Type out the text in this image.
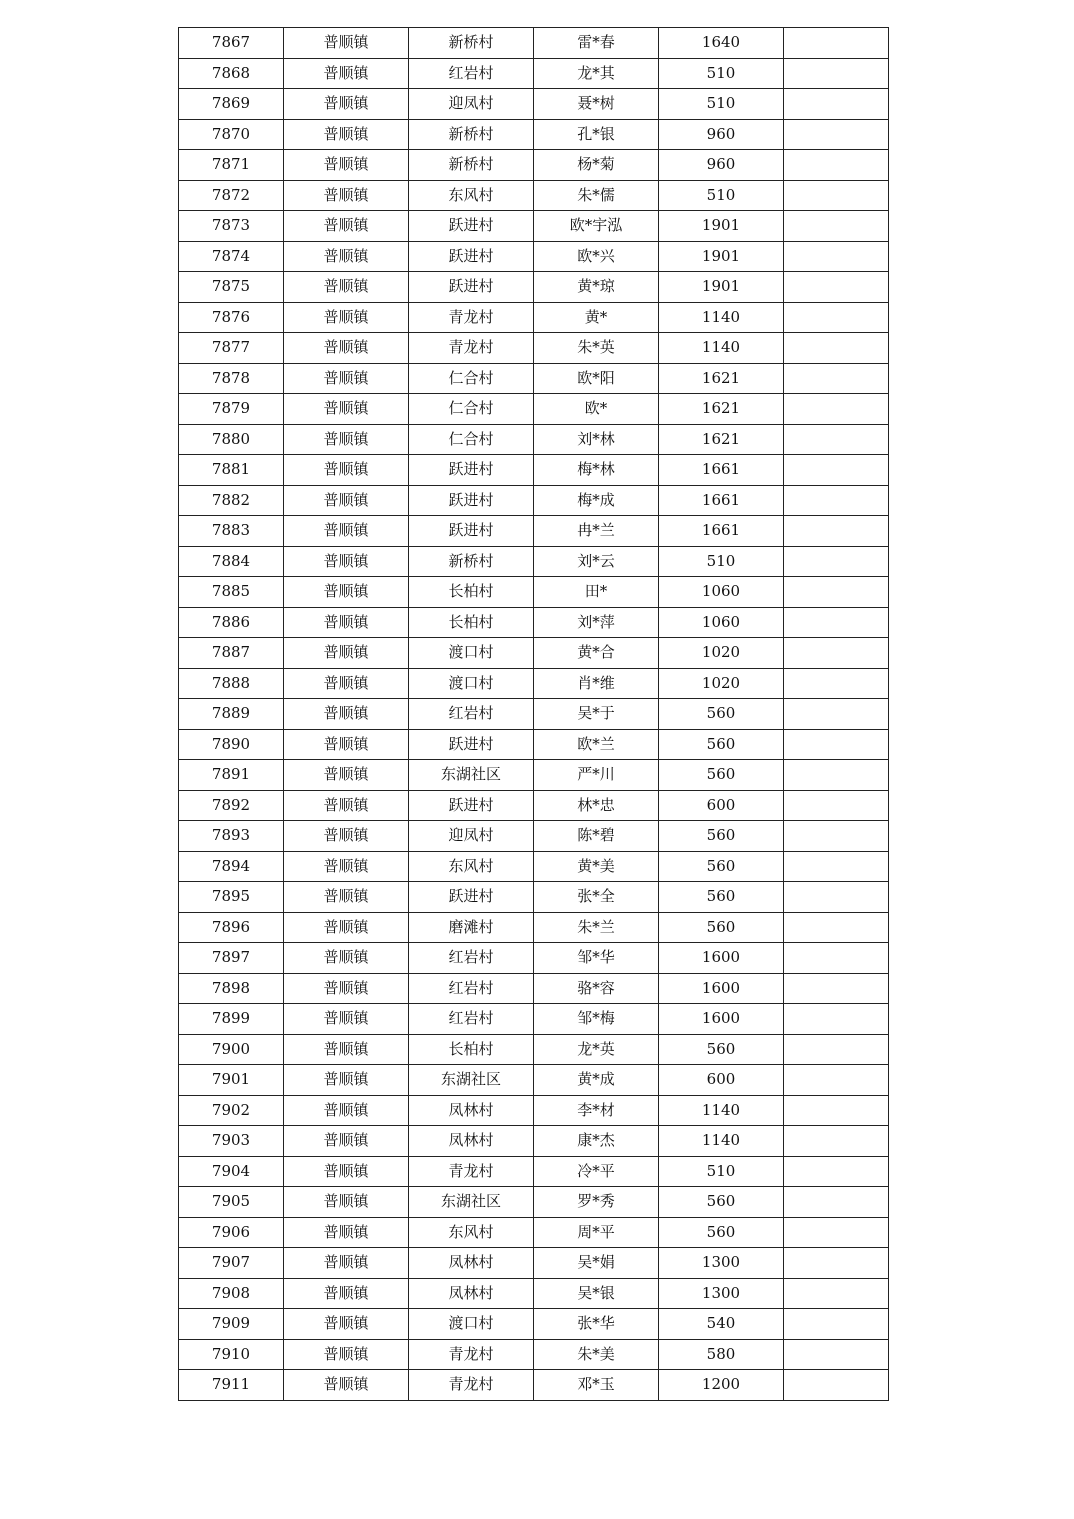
7867	普顺镇	新桥村	雷*春	1640	
7868	普顺镇	红岩村	龙*其	510	
7869	普顺镇	迎凤村	聂*树	510	
7870	普顺镇	新桥村	孔*银	960	
7871	普顺镇	新桥村	杨*菊	960	
7872	普顺镇	东风村	朱*儒	510	
7873	普顺镇	跃进村	欧*宇泓	1901	
7874	普顺镇	跃进村	欧*兴	1901	
7875	普顺镇	跃进村	黄*琼	1901	
7876	普顺镇	青龙村	黄*	1140	
7877	普顺镇	青龙村	朱*英	1140	
7878	普顺镇	仁合村	欧*阳	1621	
7879	普顺镇	仁合村	欧*	1621	
7880	普顺镇	仁合村	刘*林	1621	
7881	普顺镇	跃进村	梅*林	1661	
7882	普顺镇	跃进村	梅*成	1661	
7883	普顺镇	跃进村	冉*兰	1661	
7884	普顺镇	新桥村	刘*云	510	
7885	普顺镇	长柏村	田*	1060	
7886	普顺镇	长柏村	刘*萍	1060	
7887	普顺镇	渡口村	黄*合	1020	
7888	普顺镇	渡口村	肖*维	1020	
7889	普顺镇	红岩村	吴*于	560	
7890	普顺镇	跃进村	欧*兰	560	
7891	普顺镇	东湖社区	严*川	560	
7892	普顺镇	跃进村	林*忠	600	
7893	普顺镇	迎凤村	陈*碧	560	
7894	普顺镇	东风村	黄*美	560	
7895	普顺镇	跃进村	张*全	560	
7896	普顺镇	磨滩村	朱*兰	560	
7897	普顺镇	红岩村	邹*华	1600	
7898	普顺镇	红岩村	骆*容	1600	
7899	普顺镇	红岩村	邹*梅	1600	
7900	普顺镇	长柏村	龙*英	560	
7901	普顺镇	东湖社区	黄*成	600	
7902	普顺镇	凤林村	李*材	1140	
7903	普顺镇	凤林村	康*杰	1140	
7904	普顺镇	青龙村	冷*平	510	
7905	普顺镇	东湖社区	罗*秀	560	
7906	普顺镇	东风村	周*平	560	
7907	普顺镇	凤林村	吴*娟	1300	
7908	普顺镇	凤林村	吴*银	1300	
7909	普顺镇	渡口村	张*华	540	
7910	普顺镇	青龙村	朱*美	580	
7911	普顺镇	青龙村	邓*玉	1200	
